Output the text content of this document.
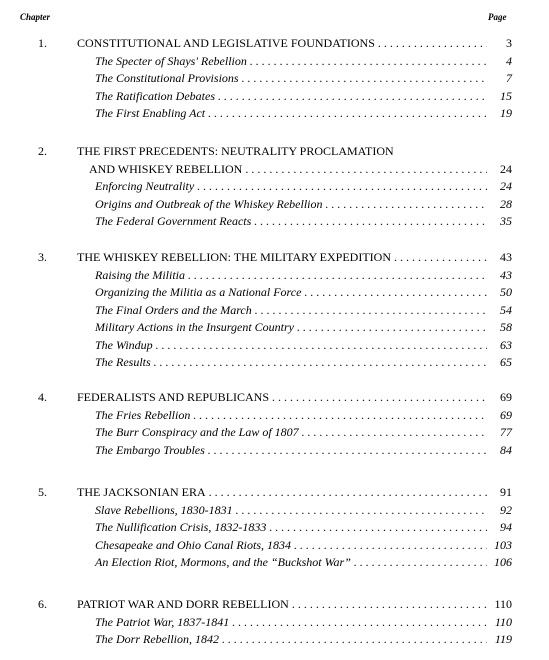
Chapter	Page
1.	CONSTITUTIONAL AND LEGISLATIVE FOUNDATIONS . . .	3
The Specter of Shays' Rebellion . . .	4
The Constitutional Provisions . . .	7
The Ratification Debates . . .	15
The First Enabling Act . . .	19
2.	THE FIRST PRECEDENTS: NEUTRALITY PROCLAMATION
AND WHISKEY REBELLION . . .	24
Enforcing Neutrality . . .	24
Origins and Outbreak of the Whiskey Rebellion . . .	28
The Federal Government Reacts . . .	35
3.	THE WHISKEY REBELLION: THE MILITARY EXPEDITION . . .	43
Raising the Militia . . .	43
Organizing the Militia as a National Force . . .	50
The Final Orders and the March . . .	54
Military Actions in the Insurgent Country . . .	58
The Windup . . .	63
The Results . . .	65
4.	FEDERALISTS AND REPUBLICANS . . .	69
The Fries Rebellion . . .	69
The Burr Conspiracy and the Law of 1807 . . .	77
The Embargo Troubles . . .	84
5.	THE JACKSONIAN ERA . . .	91
Slave Rebellions, 1830-1831 . . .	92
The Nullification Crisis, 1832-1833 . . .	94
Chesapeake and Ohio Canal Riots, 1834 . . .	103
An Election Riot, Mormons, and the “Buckshot War” . . .	106
6.	PATRIOT WAR AND DORR REBELLION . . .	110
The Patriot War, 1837-1841 . . .	110
The Dorr Rebellion, 1842 . . .	119
